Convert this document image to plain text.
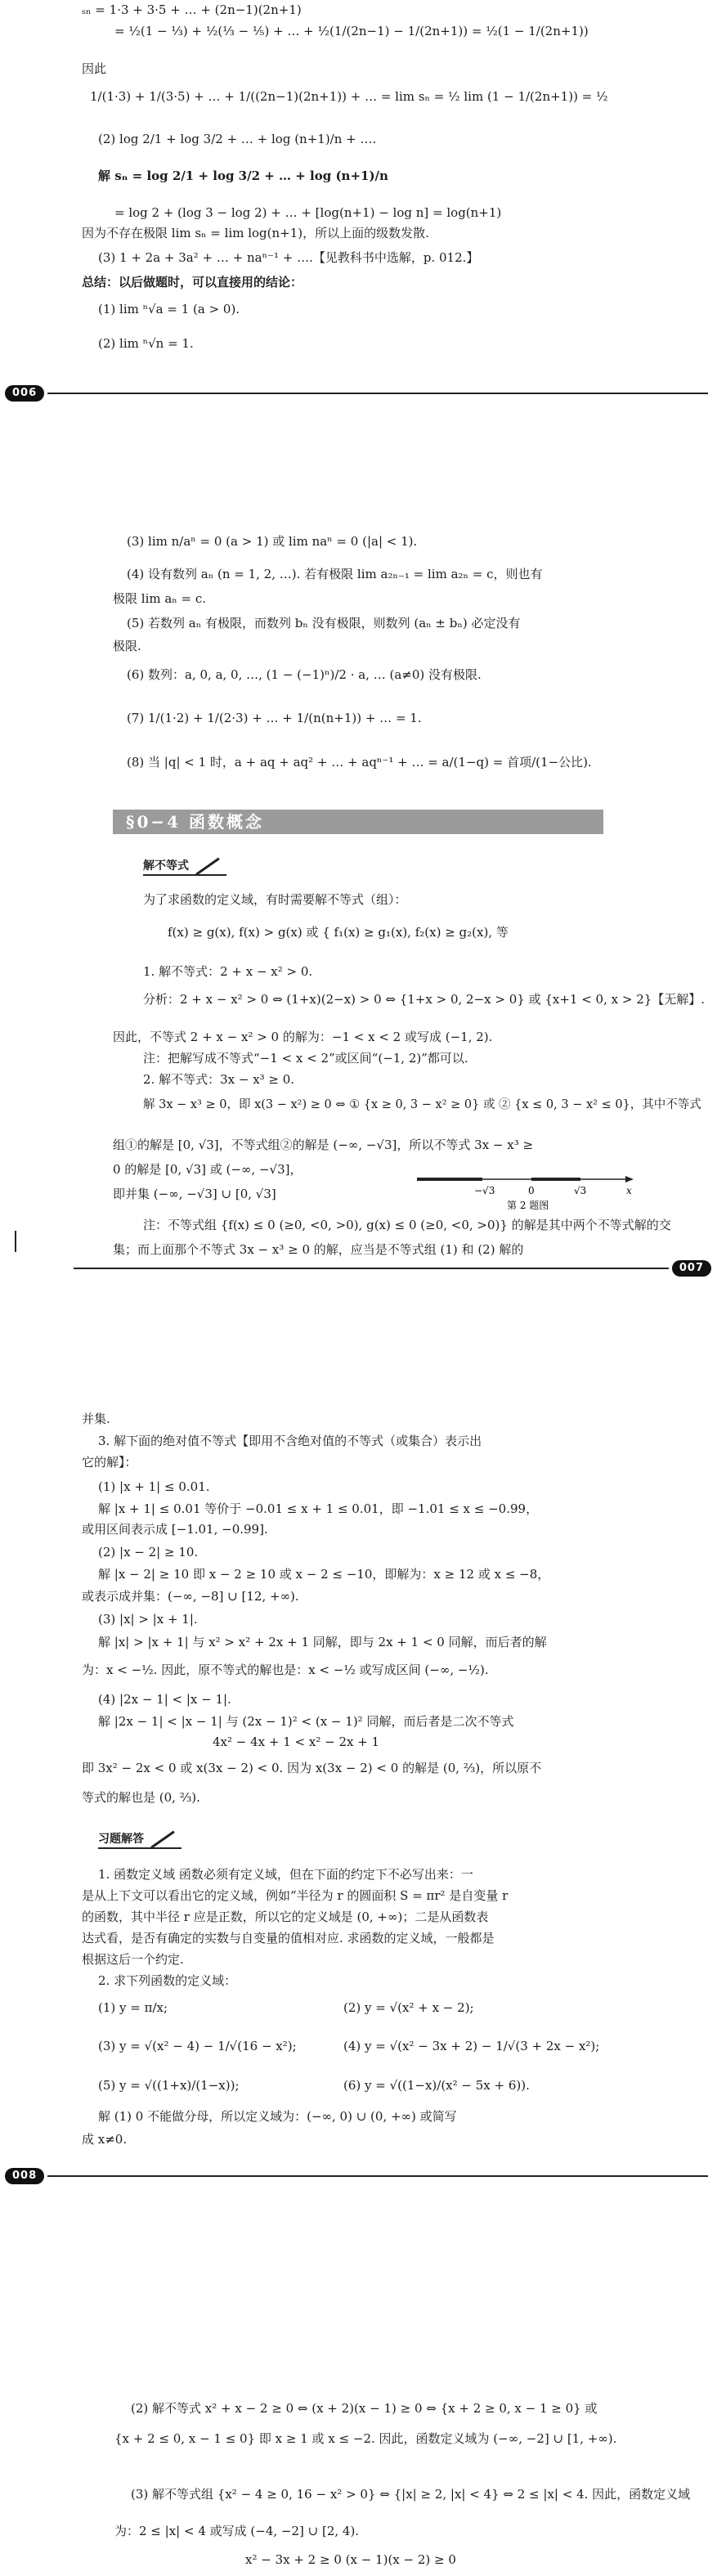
ₛₙ = 1·3 + 3·5 + … + (2n−1)(2n+1)
= ½(1 − ⅓) + ½(⅓ − ⅕) + … + ½(1/(2n−1) − 1/(2n+1)) = ½(1 − 1/(2n+1))
因此
1/(1·3) + 1/(3·5) + … + 1/((2n−1)(2n+1)) + … = lim sₙ = ½ lim (1 − 1/(2n+1)) = ½
(2) log 2/1 + log 3/2 + … + log (n+1)/n + ….
解 sₙ = log 2/1 + log 3/2 + … + log (n+1)/n
= log 2 + (log 3 − log 2) + … + [log(n+1) − log n] = log(n+1)
因为不存在极限 lim sₙ = lim log(n+1)，所以上面的级数发散.
(3) 1 + 2a + 3a² + … + naⁿ⁻¹ + ….【见教科书中选解，p. 012.】
总结：以后做题时，可以直接用的结论：
(1) lim ⁿ√a = 1 (a > 0).
(2) lim ⁿ√n = 1.
006
(3) lim n/aⁿ = 0 (a > 1) 或 lim naⁿ = 0 (|a| < 1).
(4) 设有数列 aₙ (n = 1, 2, …). 若有极限 lim a₂ₙ₋₁ = lim a₂ₙ = c，则也有
极限 lim aₙ = c.
(5) 若数列 aₙ 有极限，而数列 bₙ 没有极限，则数列 (aₙ ± bₙ) 必定没有
极限.
(6) 数列：a, 0, a, 0, …, (1 − (−1)ⁿ)/2 · a, … (a≠0) 没有极限.
(7) 1/(1·2) + 1/(2·3) + … + 1/(n(n+1)) + … = 1.
(8) 当 |q| < 1 时，a + aq + aq² + … + aqⁿ⁻¹ + … = a/(1−q) = 首项/(1−公比).
§0−4 函数概念
解不等式
为了求函数的定义域，有时需要解不等式（组）：
f(x) ≥ g(x), f(x) > g(x) 或 { f₁(x) ≥ g₁(x), f₂(x) ≥ g₂(x), 等
1. 解不等式：2 + x − x² > 0.
分析：2 + x − x² > 0 ⇔ (1+x)(2−x) > 0 ⇔ {1+x > 0, 2−x > 0} 或 {x+1 < 0, x > 2}【无解】.
因此，不等式 2 + x − x² > 0 的解为：−1 < x < 2 或写成 (−1, 2).
注：把解写成不等式“−1 < x < 2”或区间“(−1, 2)”都可以.
2. 解不等式：3x − x³ ≥ 0.
解 3x − x³ ≥ 0，即 x(3 − x²) ≥ 0 ⇔ ① {x ≥ 0, 3 − x² ≥ 0} 或 ② {x ≤ 0, 3 − x² ≤ 0}，其中不等式
组①的解是 [0, √3]，不等式组②的解是 (−∞, −√3]，所以不等式 3x − x³ ≥
0 的解是 [0, √3] 或 (−∞, −√3]，
即并集 (−∞, −√3] ∪ [0, √3]
注：不等式组 {f(x) ≤ 0 (≥0, <0, >0), g(x) ≤ 0 (≥0, <0, >0)} 的解是其中两个不等式解的交
集；而上面那个不等式 3x − x³ ≥ 0 的解，应当是不等式组 (1) 和 (2) 解的
−√3	0	√3	x
第 2 题图
007
并集.
3. 解下面的绝对值不等式【即用不含绝对值的不等式（或集合）表示出
它的解】：
(1) |x + 1| ≤ 0.01.
解 |x + 1| ≤ 0.01 等价于 −0.01 ≤ x + 1 ≤ 0.01，即 −1.01 ≤ x ≤ −0.99，
或用区间表示成 [−1.01, −0.99].
(2) |x − 2| ≥ 10.
解 |x − 2| ≥ 10 即 x − 2 ≥ 10 或 x − 2 ≤ −10，即解为：x ≥ 12 或 x ≤ −8，
或表示成并集：(−∞, −8] ∪ [12, +∞).
(3) |x| > |x + 1|.
解 |x| > |x + 1| 与 x² > x² + 2x + 1 同解，即与 2x + 1 < 0 同解，而后者的解
为：x < −½. 因此，原不等式的解也是：x < −½ 或写成区间 (−∞, −½).
(4) |2x − 1| < |x − 1|.
解 |2x − 1| < |x − 1| 与 (2x − 1)² < (x − 1)² 同解，而后者是二次不等式
4x² − 4x + 1 < x² − 2x + 1
即 3x² − 2x < 0 或 x(3x − 2) < 0. 因为 x(3x − 2) < 0 的解是 (0, ⅔)，所以原不
等式的解也是 (0, ⅔).
习题解答
1. 函数定义域 函数必须有定义域，但在下面的约定下不必写出来：一
是从上下文可以看出它的定义域，例如“半径为 r 的圆面积 S = πr² 是自变量 r
的函数，其中半径 r 应是正数，所以它的定义域是 (0, +∞)；二是从函数表
达式看，是否有确定的实数与自变量的值相对应. 求函数的定义域，一般都是
根据这后一个约定.
2. 求下列函数的定义域：
(1) y = π/x;	(2) y = √(x² + x − 2);
(3) y = √(x² − 4) − 1/√(16 − x²);	(4) y = √(x² − 3x + 2) − 1/√(3 + 2x − x²);
(5) y = √((1+x)/(1−x));	(6) y = √((1−x)/(x² − 5x + 6)).
解 (1) 0 不能做分母，所以定义域为：(−∞, 0) ∪ (0, +∞) 或简写
成 x≠0.
008
(2) 解不等式 x² + x − 2 ≥ 0 ⇔ (x + 2)(x − 1) ≥ 0 ⇔ {x + 2 ≥ 0, x − 1 ≥ 0} 或
{x + 2 ≤ 0, x − 1 ≤ 0} 即 x ≥ 1 或 x ≤ −2. 因此，函数定义域为 (−∞, −2] ∪ [1, +∞).
(3) 解不等式组 {x² − 4 ≥ 0, 16 − x² > 0} ⇔ {|x| ≥ 2, |x| < 4} ⇔ 2 ≤ |x| < 4. 因此，函数定义域
为：2 ≤ |x| < 4 或写成 (−4, −2] ∪ [2, 4).
x² − 3x + 2 ≥ 0 (x − 1)(x − 2) ≥ 0
